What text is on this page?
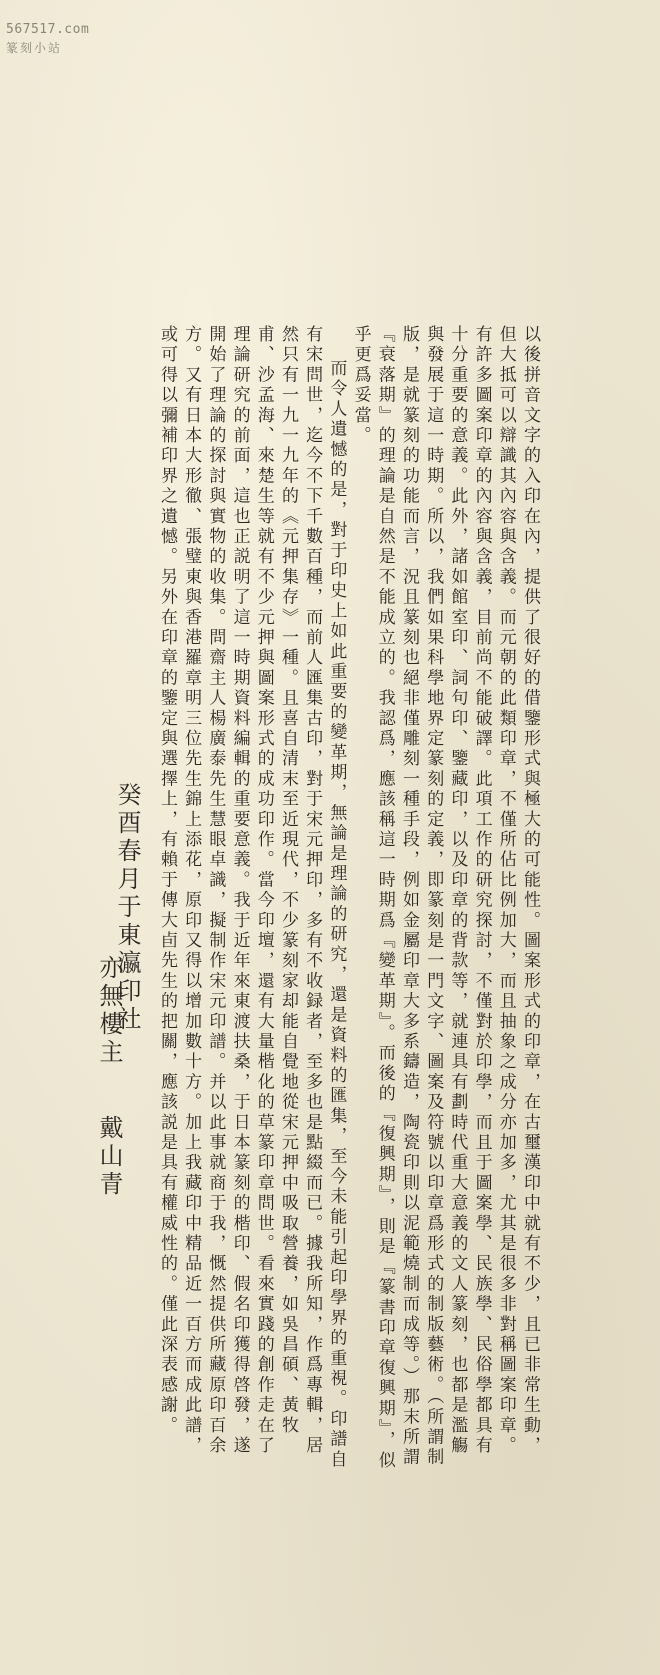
567517.com
篆刻小站

以後拼音文字的入印在內，提供了很好的借鑒形式與極大的可能性。圖案形式的印章，在古璽漢印中就有不少，且已非常生動，但大抵可以辯識其內容與含義。而元朝的此類印章，不僅所佔比例加大，而且抽象之成分亦加多，尤其是很多非對稱圖案印章。有許多圖案印章的內容與含義，目前尚不能破譯。此項工作的研究探討，不僅對於印學，而且于圖案學、民族學、民俗學都具有十分重要的意義。此外，諸如館室印、詞句印、鑒藏印，以及印章的背款等，就連具有劃時代重大意義的文人篆刻，也都是濫觴與發展于這一時期。所以，我們如果科學地界定篆刻的定義，即篆刻是一門文字、圖案及符號以印章爲形式的制版藝術。（所謂制版，是就篆刻的功能而言，況且篆刻也絕非僅雕刻一種手段，例如金屬印章大多系鑄造，陶瓷印則以泥範燒制而成等。）那末所謂『衰落期』的理論是自然是不能成立的。我認爲，應該稱這一時期爲『變革期』。而後的『復興期』，則是『篆書印章復興期』，似乎更爲妥當。

而令人遺憾的是，對于印史上如此重要的變革期，無論是理論的研究，還是資料的匯集，至今未能引起印學界的重視。印譜自有宋問世，迄今不下千數百種，而前人匯集古印，對于宋元押印，多有不收録者，至多也是點綴而已。據我所知，作爲專輯，居然只有一九一九年的《元押集存》一種。且喜自清末至近現代，不少篆刻家却能自覺地從宋元押中吸取營養，如吳昌碩、黃牧甫、沙孟海、來楚生等就有不少元押與圖案形式的成功印作。當今印壇，還有大量楷化的草篆印章問世。看來實踐的創作走在了理論研究的前面，這也正説明了這一時期資料編輯的重要意義。我于近年來東渡扶桑，于日本篆刻的楷印、假名印獲得啓發，遂開始了理論的探討與實物的收集。問齋主人楊廣泰先生慧眼卓識，擬制作宋元印譜。并以此事就商于我，慨然提供所藏原印百余方。又有日本大形徹、張璧東與香港羅章明三位先生錦上添花，原印又得以增加數十方。加上我藏印中精品近一百方而成此譜，或可得以彌補印界之遺憾。另外在印章的鑒定與選擇上，有賴于傳大卣先生的把關，應該説是具有權威性的。僅此深表感謝。

癸酉春月于東瀛印社
亦無樓主戴山青
